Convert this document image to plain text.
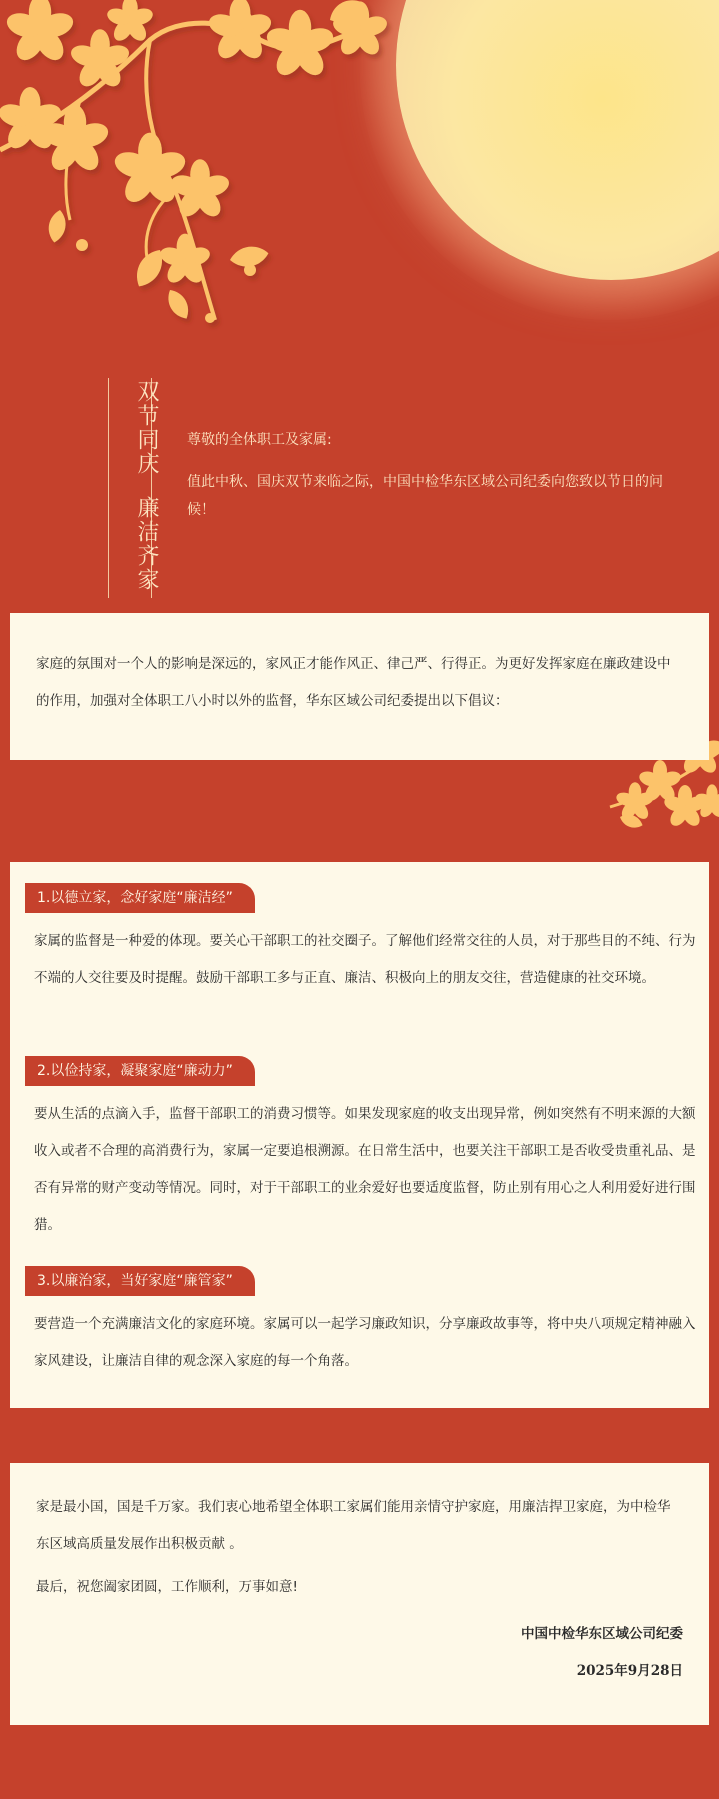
双节同庆
廉洁齐家

尊敬的全体职工及家属:

值此中秋、国庆双节来临之际，中国中检华东区域公司纪委向您致以节日的问候！

家庭的氛围对一个人的影响是深远的，家风正才能作风正、律己严、行得正。为更好发挥家庭在廉政建设中的作用，加强对全体职工八小时以外的监督，华东区域公司纪委提出以下倡议：

1.以德立家，念好家庭“廉洁经”

家属的监督是一种爱的体现。要关心干部职工的社交圈子。了解他们经常交往的人员，对于那些目的不纯、行为不端的人交往要及时提醒。鼓励干部职工多与正直、廉洁、积极向上的朋友交往，营造健康的社交环境。

2.以俭持家，凝聚家庭“廉动力”

要从生活的点滴入手，监督干部职工的消费习惯等。如果发现家庭的收支出现异常，例如突然有不明来源的大额收入或者不合理的高消费行为，家属一定要追根溯源。在日常生活中，也要关注干部职工是否收受贵重礼品、是否有异常的财产变动等情况。同时，对于干部职工的业余爱好也要适度监督，防止别有用心之人利用爱好进行围猎。

3.以廉治家，当好家庭“廉管家”

要营造一个充满廉洁文化的家庭环境。家属可以一起学习廉政知识，分享廉政故事等，将中央八项规定精神融入家风建设，让廉洁自律的观念深入家庭的每一个角落。

家是最小国，国是千万家。我们衷心地希望全体职工家属们能用亲情守护家庭，用廉洁捍卫家庭，为中检华东区域高质量发展作出积极贡献 。

最后，祝您阖家团圆，工作顺利，万事如意!

中国中检华东区域公司纪委

2025年9月28日
